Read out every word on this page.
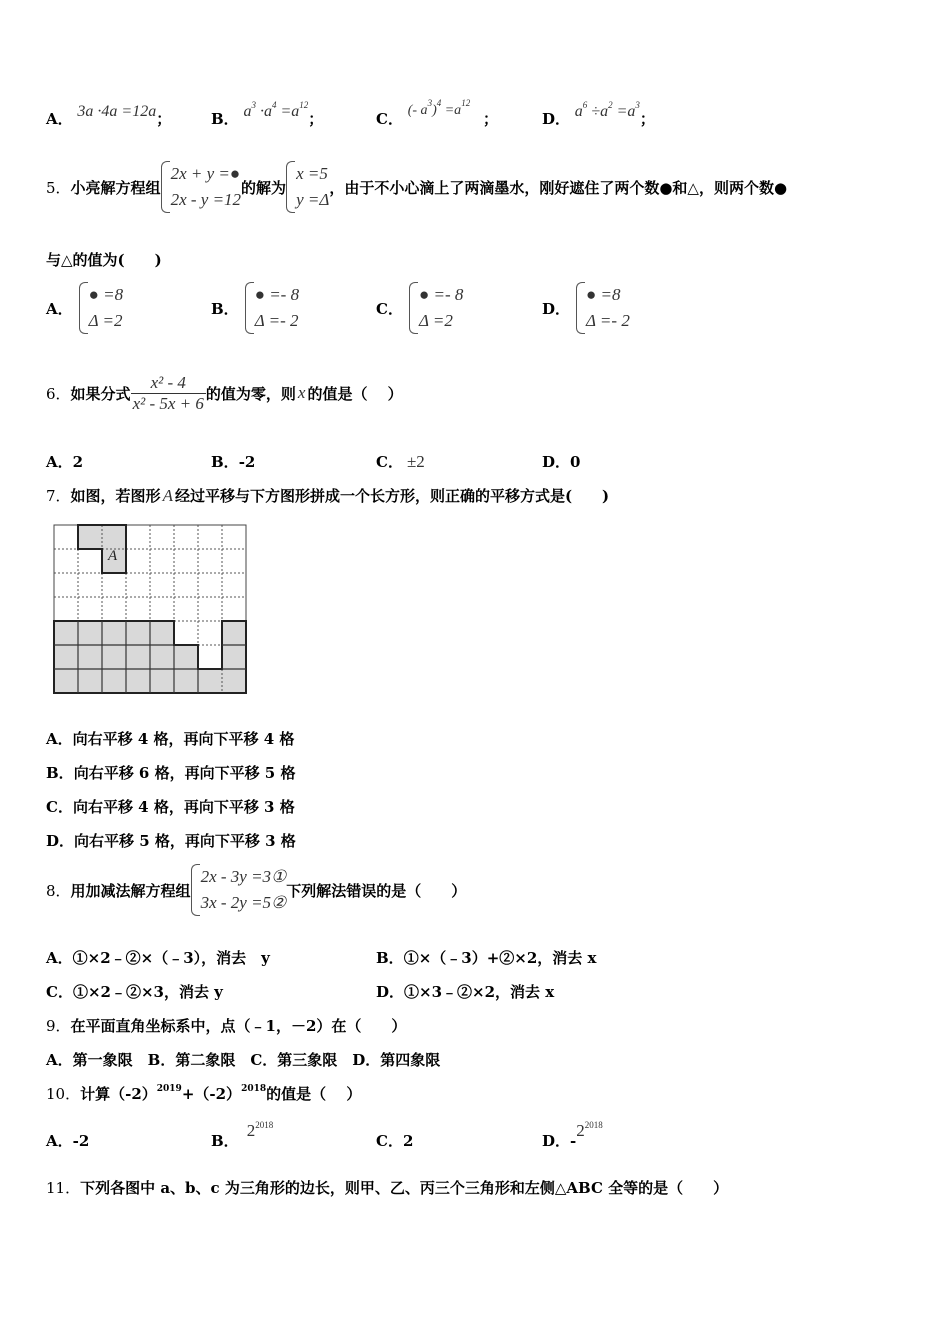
A． 3a ·4a =12a；	B． $a^3 \cdot a^4 =a^{12}$；	C． (- $a^3)^4 =a^{12}$ ；	D． $a^6 \div a^2 =a^3$；
5． 小亮解方程组
2x + y =●
2x - y =12
的解为
x =5
y =Δ
，由于不小心滴上了两滴墨水，刚好遮住了两个数●和△，则两个数●
与△的值为(　　)
A．
● =8
Δ =2
B．
● =- 8
Δ =- 2
C．
● =- 8
Δ =2
D．
● =8
Δ =- 2
6． 如果分式 $\frac{\text{x² - 4}}{\text{x² - 5x + 6}}$ 的值为零，则 x 的值是（　 ）
A．2	B．-2	C． ±2	D．0
7．如图，若图形 A 经过平移与下方图形拼成一个长方形，则正确的平移方式是(　　)
A
A．向右平移 4 格，再向下平移 4 格
B．向右平移 6 格，再向下平移 5 格
C．向右平移 4 格，再向下平移 3 格
D．向右平移 5 格，再向下平移 3 格
8． 用加减法解方程组
2x - 3y =3①
3x - 2y =5②
下列解法错误的是（　　）
A．①×2﹣②×（﹣3），消去　y	B．①×（﹣3）+②×2，消去 x
C．①×2﹣②×3，消去 y	D．①×3﹣②×2，消去 x
9．在平面直角坐标系中，点（﹣1，－2）在（　　）
A．第一象限　B．第二象限　C．第三象限　D．第四象限
10．计算$(-2)^{2019}+(-2)^{2018}$的值是（　 ）
A．-2	B．$2^{2018}$
C．2	D．$-2^{2018}$
11．下列各图中 a、b、c 为三角形的边长，则甲、乙、丙三个三角形和左侧△ABC 全等的是（　　）
